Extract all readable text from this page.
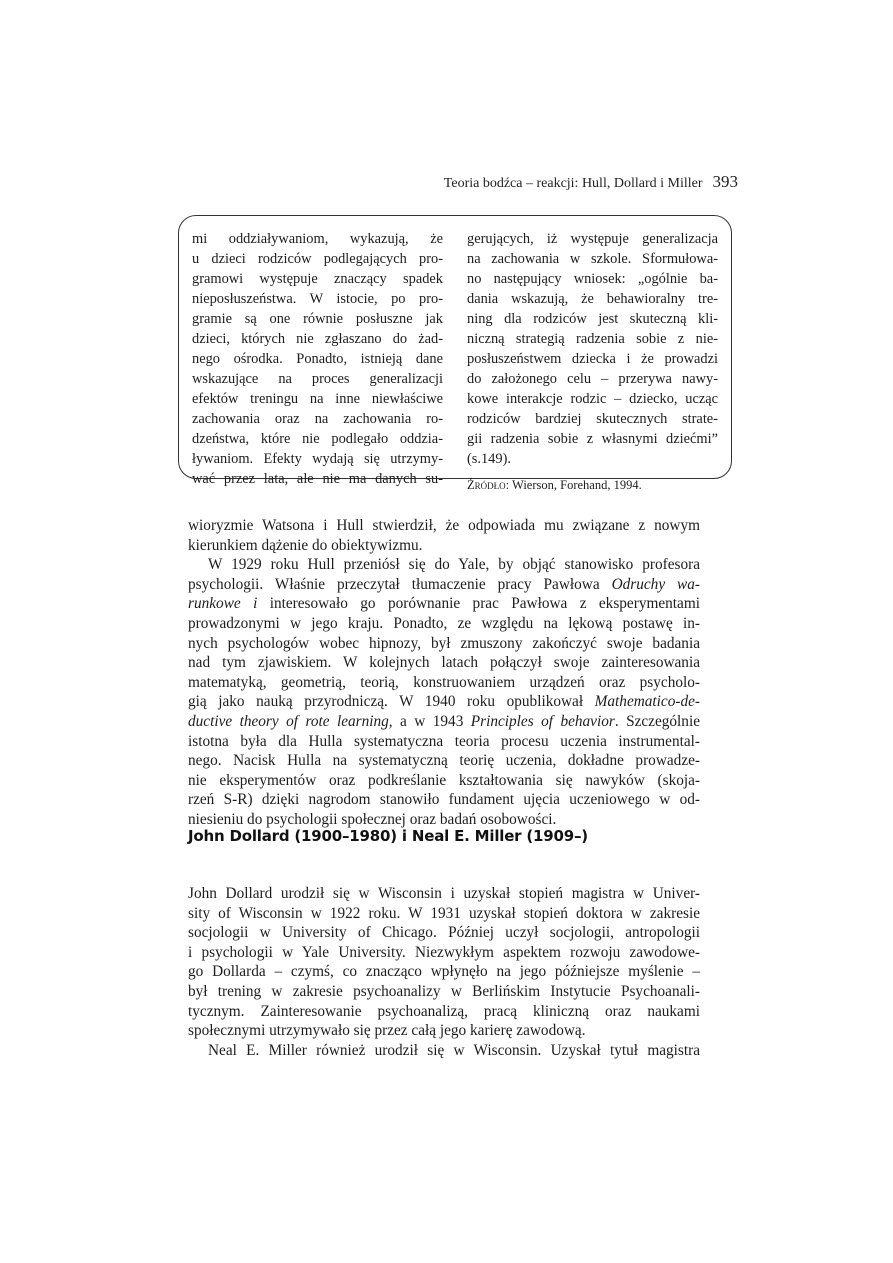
Teoria bodźca – reakcji: Hull, Dollard i Miller 393
mi oddziaływaniom, wykazują, że
u dzieci rodziców podlegających pro-
gramowi występuje znaczący spadek
nieposłuszeństwa. W istocie, po pro-
gramie są one równie posłuszne jak
dzieci, których nie zgłaszano do żad-
nego ośrodka. Ponadto, istnieją dane
wskazujące na proces generalizacji
efektów treningu na inne niewłaściwe
zachowania oraz na zachowania ro-
dzeństwa, które nie podlegało oddzia-
ływaniom. Efekty wydają się utrzymy-
wać przez lata, ale nie ma danych su-
gerujących, iż występuje generalizacja
na zachowania w szkole. Sformułowa-
no następujący wniosek: „ogólnie ba-
dania wskazują, że behawioralny tre-
ning dla rodziców jest skuteczną kli-
niczną strategią radzenia sobie z nie-
posłuszeństwem dziecka i że prowadzi
do założonego celu – przerywa nawy-
kowe interakcje rodzic – dziecko, ucząc
rodziców bardziej skutecznych strate-
gii radzenia sobie z własnymi dziećmi”
(s.149).
Źródło: Wierson, Forehand, 1994.
wioryzmie Watsona i Hull stwierdził, że odpowiada mu związane z nowym
kierunkiem dążenie do obiektywizmu.
W 1929 roku Hull przeniósł się do Yale, by objąć stanowisko profesora
psychologii. Właśnie przeczytał tłumaczenie pracy Pawłowa Odruchy wa-
runkowe i interesowało go porównanie prac Pawłowa z eksperymentami
prowadzonymi w jego kraju. Ponadto, ze względu na lękową postawę in-
nych psychologów wobec hipnozy, był zmuszony zakończyć swoje badania
nad tym zjawiskiem. W kolejnych latach połączył swoje zainteresowania
matematyką, geometrią, teorią, konstruowaniem urządzeń oraz psycholo-
gią jako nauką przyrodniczą. W 1940 roku opublikował Mathematico-de-
ductive theory of rote learning, a w 1943 Principles of behavior. Szczególnie
istotna była dla Hulla systematyczna teoria procesu uczenia instrumental-
nego. Nacisk Hulla na systematyczną teorię uczenia, dokładne prowadze-
nie eksperymentów oraz podkreślanie kształtowania się nawyków (skoja-
rzeń S-R) dzięki nagrodom stanowiło fundament ujęcia uczeniowego w od-
niesieniu do psychologii społecznej oraz badań osobowości.
John Dollard (1900–1980) i Neal E. Miller (1909–)
John Dollard urodził się w Wisconsin i uzyskał stopień magistra w Univer-
sity of Wisconsin w 1922 roku. W 1931 uzyskał stopień doktora w zakresie
socjologii w University of Chicago. Później uczył socjologii, antropologii
i psychologii w Yale University. Niezwykłym aspektem rozwoju zawodowe-
go Dollarda – czymś, co znacząco wpłynęło na jego późniejsze myślenie –
był trening w zakresie psychoanalizy w Berlińskim Instytucie Psychoanali-
tycznym. Zainteresowanie psychoanalizą, pracą kliniczną oraz naukami
społecznymi utrzymywało się przez całą jego karierę zawodową.
Neal E. Miller również urodził się w Wisconsin. Uzyskał tytuł magistra
